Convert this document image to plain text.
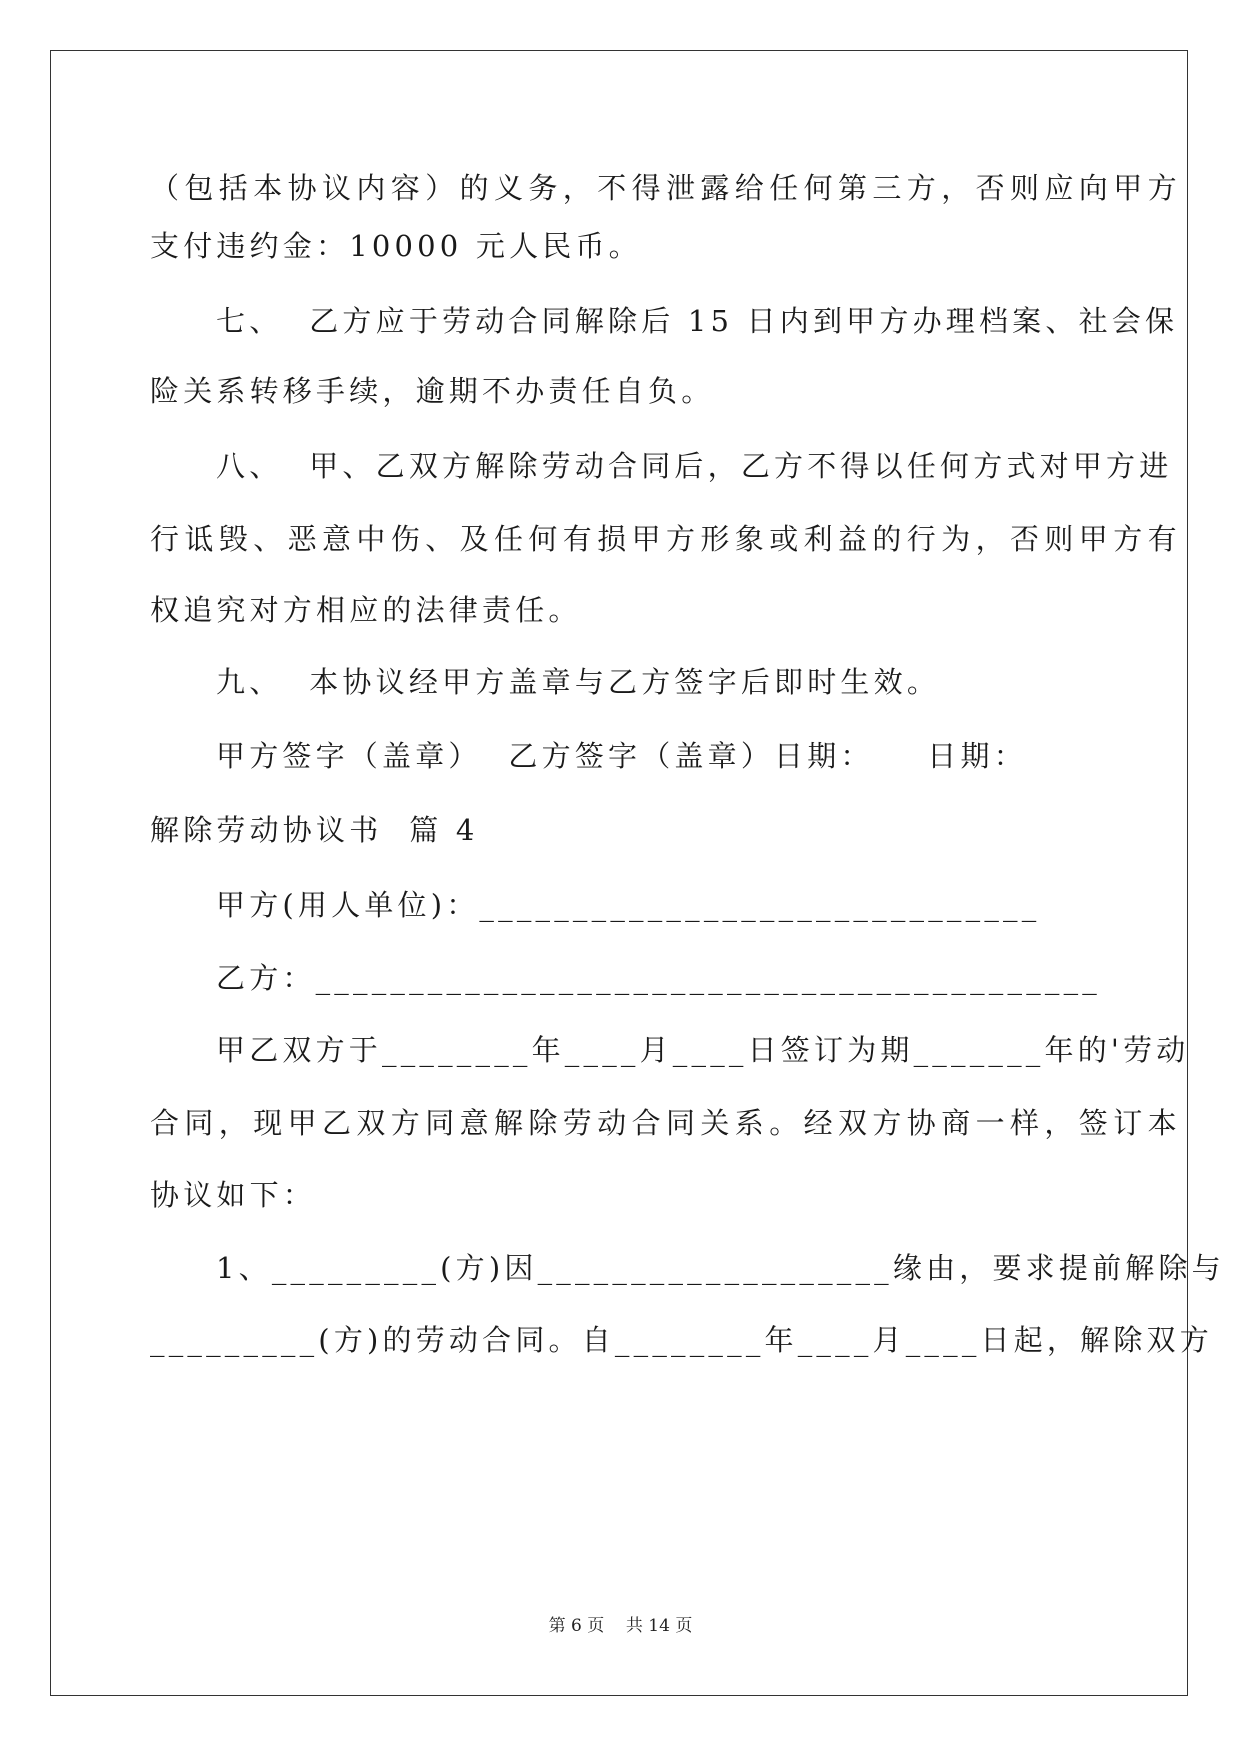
（包括本协议内容）的义务，不得泄露给任何第三方，否则应向甲方
支付违约金：10000 元人民币。
七、  乙方应于劳动合同解除后 15 日内到甲方办理档案、社会保
险关系转移手续，逾期不办责任自负。
八、  甲、乙双方解除劳动合同后，乙方不得以任何方式对甲方进
行诋毁、恶意中伤、及任何有损甲方形象或利益的行为，否则甲方有
权追究对方相应的法律责任。
九、  本协议经甲方盖章与乙方签字后即时生效。
甲方签字（盖章）  乙方签字（盖章）日期：    日期：
解除劳动协议书  篇 4
甲方(用人单位)：______________________________
乙方：__________________________________________
甲乙双方于________年____月____日签订为期_______年的'劳动
合同，现甲乙双方同意解除劳动合同关系。经双方协商一样，签订本
协议如下：
1、_________(方)因___________________缘由，要求提前解除与
_________(方)的劳动合同。自________年____月____日起，解除双方
第 6 页    共 14 页
